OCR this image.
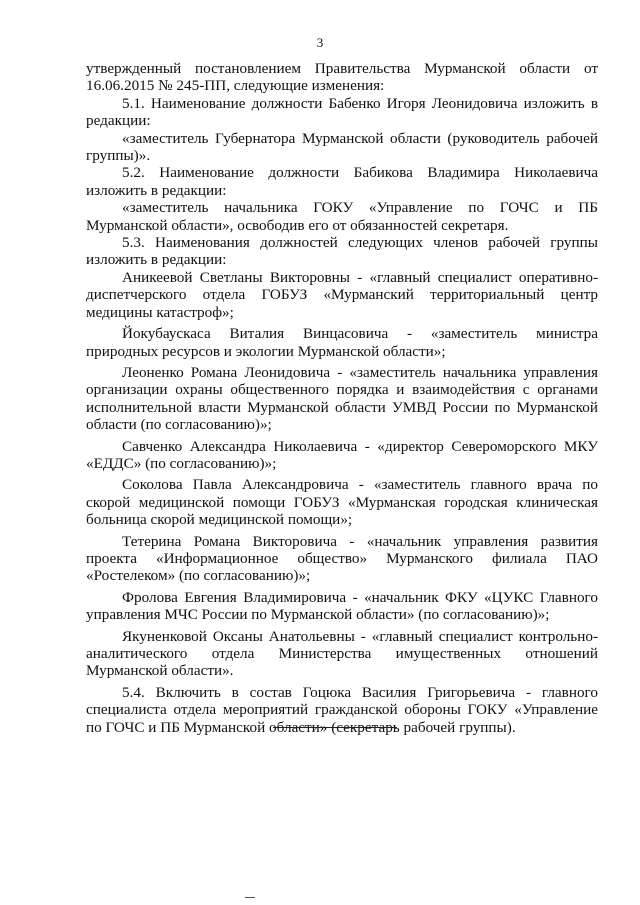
3

утвержденный постановлением Правительства Мурманской области от 16.06.2015 № 245-ПП, следующие изменения:

5.1. Наименование должности Бабенко Игоря Леонидовича изложить в редакции:

«заместитель Губернатора Мурманской области (руководитель рабочей группы)».

5.2. Наименование должности Бабикова Владимира Николаевича изложить в редакции:

«заместитель начальника ГОКУ «Управление по ГОЧС и ПБ Мурманской области», освободив его от обязанностей секретаря.

5.3. Наименования должностей следующих членов рабочей группы изложить в редакции:

Аникеевой Светланы Викторовны - «главный специалист оперативно-диспетчерского отдела ГОБУЗ «Мурманский территориальный центр медицины катастроф»;

Йокубаускаса Виталия Винцасовича - «заместитель министра природных ресурсов и экологии Мурманской области»;

Леоненко Романа Леонидовича - «заместитель начальника управления организации охраны общественного порядка и взаимодействия с органами исполнительной власти Мурманской области УМВД России по Мурманской области (по согласованию)»;

Савченко Александра Николаевича - «директор Североморского МКУ «ЕДДС» (по согласованию)»;

Соколова Павла Александровича - «заместитель главного врача по скорой медицинской помощи ГОБУЗ «Мурманская городская клиническая больница скорой медицинской помощи»;

Тетерина Романа Викторовича - «начальник управления развития проекта «Информационное общество» Мурманского филиала ПАО «Ростелеком» (по согласованию)»;

Фролова Евгения Владимировича - «начальник ФКУ «ЦУКС Главного управления МЧС России по Мурманской области» (по согласованию)»;

Якуненковой Оксаны Анатольевны - «главный специалист контрольно-аналитического отдела Министерства имущественных отношений Мурманской области».

5.4. Включить в состав Гоцюка Василия Григорьевича - главного специалиста отдела мероприятий гражданской обороны ГОКУ «Управление по ГОЧС и ПБ Мурманской области» (секретарь рабочей группы).
